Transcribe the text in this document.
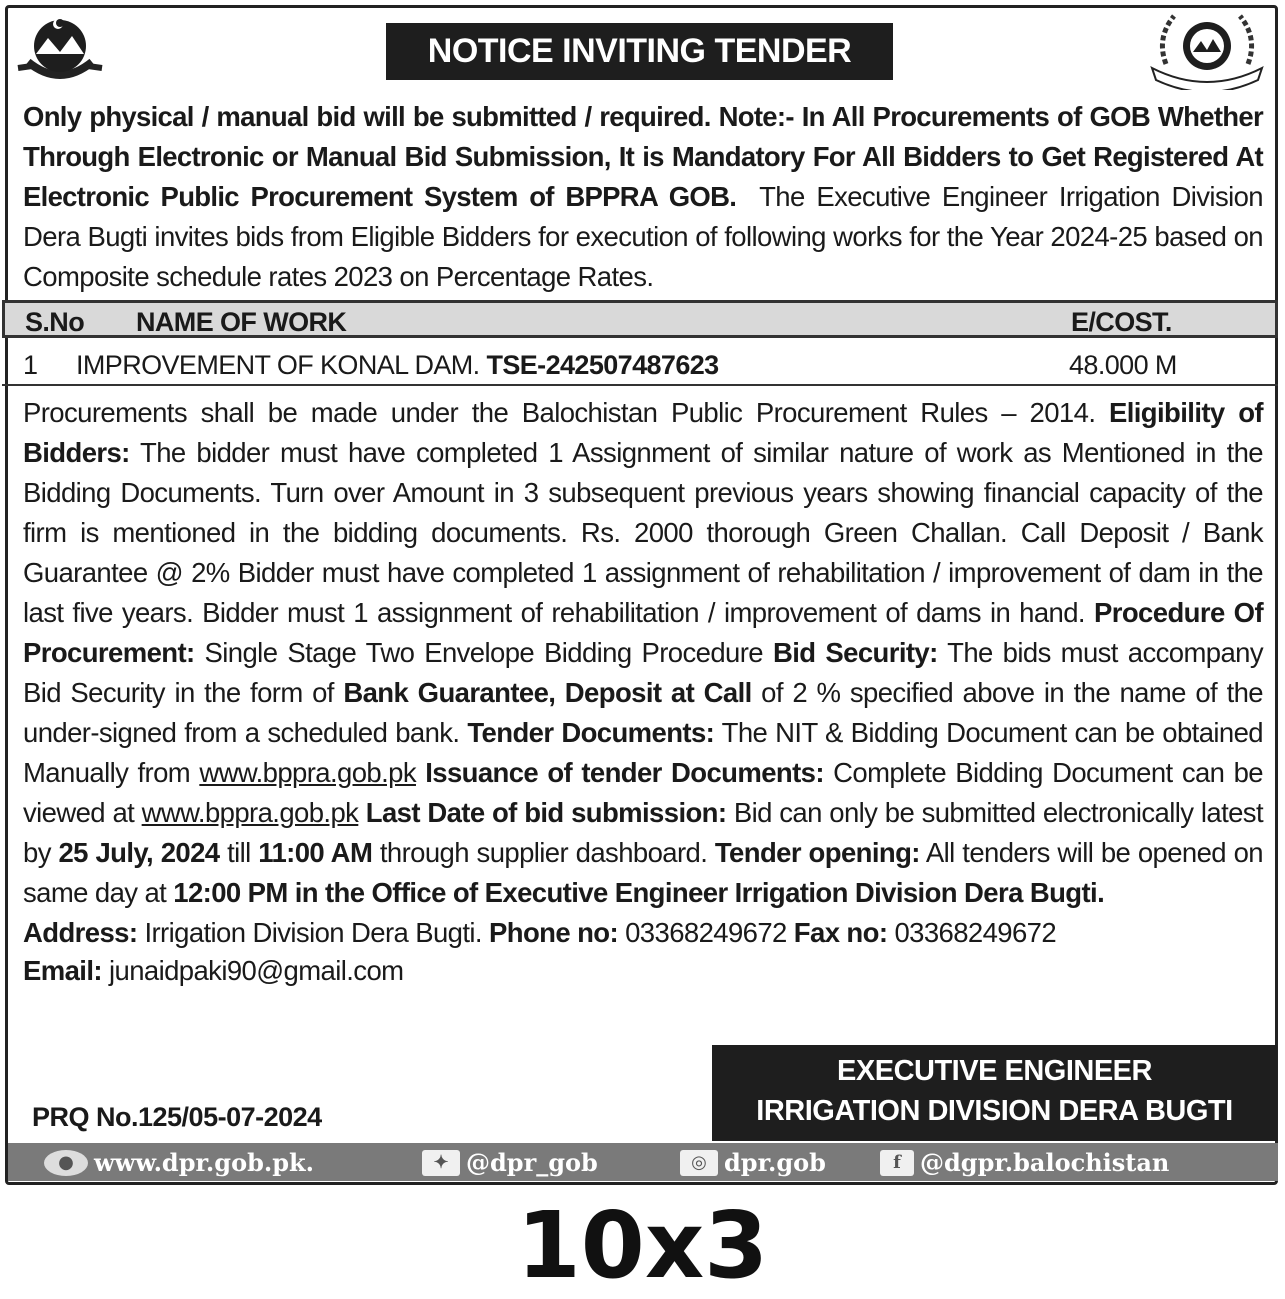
NOTICE INVITING TENDER
Only physical / manual bid will be submitted / required. Note:- In All Procurements of GOB Whether Through Electronic or Manual Bid Submission, It is Mandatory For All Bidders to Get Registered At Electronic Public Procurement System of BPPRA GOB. The Executive Engineer Irrigation Division Dera Bugti invites bids from Eligible Bidders for execution of following works for the Year 2024-25 based on Composite schedule rates 2023 on Percentage Rates.
S.No NAME OF WORK	E/COST.
1 IMPROVEMENT OF KONAL DAM. TSE-242507487623	48.000 M

Procurements shall be made under the Balochistan Public Procurement Rules – 2014. Eligibility of Bidders: The bidder must have completed 1 Assignment of similar nature of work as Mentioned in the Bidding Documents. Turn over Amount in 3 subsequent previous years showing financial capacity of the firm is mentioned in the bidding documents. Rs. 2000 thorough Green Challan. Call Deposit / Bank Guarantee @ 2% Bidder must have completed 1 assignment of rehabilitation / improvement of dam in the last five years. Bidder must 1 assignment of rehabilitation / improvement of dams in hand. Procedure Of Procurement: Single Stage Two Envelope Bidding Procedure Bid Security: The bids must accompany Bid Security in the form of Bank Guarantee, Deposit at Call of 2 % specified above in the name of the under-signed from a scheduled bank. Tender Documents: The NIT & Bidding Document can be obtained Manually from www.bppra.gob.pk Issuance of tender Documents: Complete Bidding Document can be viewed at www.bppra.gob.pk Last Date of bid submission: Bid can only be submitted electronically latest by 25 July, 2024 till 11:00 AM through supplier dashboard. Tender opening: All tenders will be opened on same day at 12:00 PM in the Office of Executive Engineer Irrigation Division Dera Bugti.

Address: Irrigation Division Dera Bugti. Phone no: 03368249672 Fax no: 03368249672

Email: junaidpaki90@gmail.com

PRQ No.125/05-07-2024
EXECUTIVE ENGINEER
IRRIGATION DIVISION DERA BUGTI
● www.dpr.gob.pk.	✦ @dpr_gob	◎ dpr.gob	f @dgpr.balochistan
10x3
